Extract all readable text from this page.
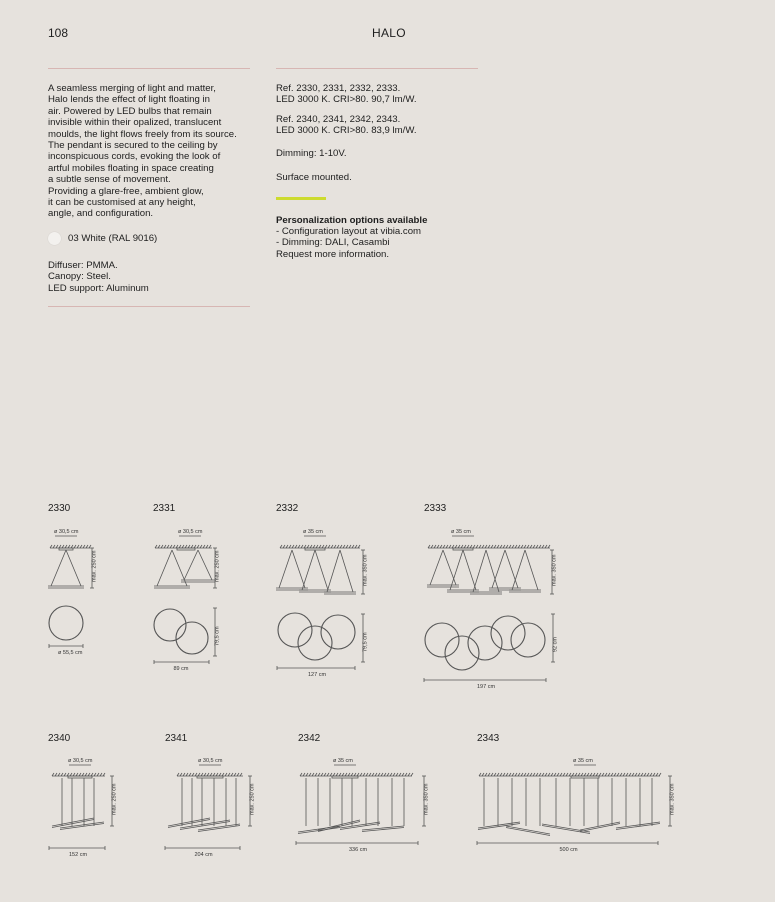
108	HALO
A seamless merging of light and matter,
Halo lends the effect of light floating in
air. Powered by LED bulbs that remain
invisible within their opalized, translucent
moulds, the light flows freely from its source.
The pendant is secured to the ceiling by
inconspicuous cords, evoking the look of
artful mobiles floating in space creating
a subtle sense of movement.
Providing a glare-free, ambient glow,
it can be customised at any height,
angle, and configuration.
03 White (RAL 9016)
Diffuser: PMMA.
Canopy: Steel.
LED support: Aluminum
Ref. 2330, 2331, 2332, 2333.
LED 3000 K. CRI>80. 90,7 lm/W.
Ref. 2340, 2341, 2342, 2343.
LED 3000 K. CRI>80. 83,9 lm/W.
Dimming: 1-10V.
Surface mounted.
Personalization options available
- Configuration layout at vibia.com
- Dimming: DALI, Casambi
Request more information.
2330	2331	2332	2333
2340	2341	2342	2343
ø 30,5 cm
max. 250 cm
ø 55,5 cm
ø 30,5 cm
max. 250 cm
79,5 cm
89 cm
ø 35 cm
max. 350 cm
79,5 cm
127 cm
ø 35 cm
max. 350 cm
92 cm
197 cm
ø 30,5 cm
max. 250 cm
152 cm
ø 30,5 cm
max. 250 cm
204 cm
ø 35 cm
max. 350 cm
336 cm
ø 35 cm
max. 350 cm
500 cm
